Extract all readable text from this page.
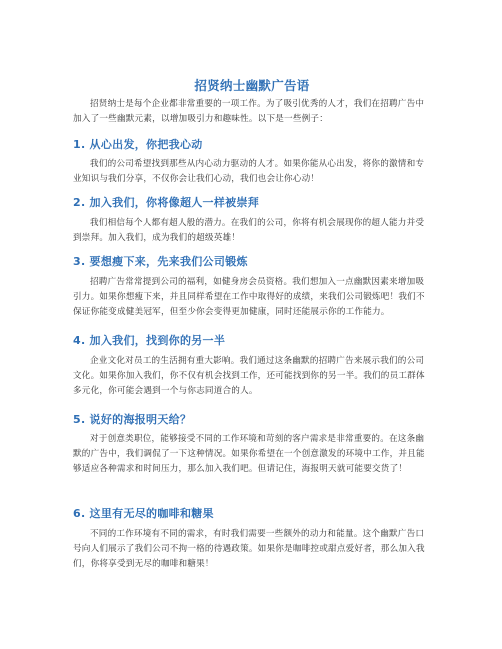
招贤纳士幽默广告语

招贤纳士是每个企业都非常重要的一项工作。为了吸引优秀的人才，我们在招聘广告中加入了一些幽默元素，以增加吸引力和趣味性。以下是一些例子：

1. 从心出发，你把我心动

我们的公司希望找到那些从内心动力驱动的人才。如果你能从心出发，将你的激情和专业知识与我们分享，不仅你会让我们心动，我们也会让你心动！

2. 加入我们，你将像超人一样被崇拜

我们相信每个人都有超人般的潜力。在我们的公司，你将有机会展现你的超人能力并受到崇拜。加入我们，成为我们的超级英雄！

3. 要想瘦下来，先来我们公司锻炼

招聘广告常常提到公司的福利，如健身房会员资格。我们想加入一点幽默因素来增加吸引力。如果你想瘦下来，并且同样希望在工作中取得好的成绩，来我们公司锻炼吧！我们不保证你能变成健美冠军，但至少你会变得更加健康，同时还能展示你的工作能力。

4. 加入我们，找到你的另一半

企业文化对员工的生活拥有重大影响。我们通过这条幽默的招聘广告来展示我们的公司文化。如果你加入我们，你不仅有机会找到工作，还可能找到你的另一半。我们的员工群体多元化，你可能会遇到一个与你志同道合的人。

5. 说好的海报明天给？

对于创意类职位，能够接受不同的工作环境和苛刻的客户需求是非常重要的。在这条幽默的广告中，我们调侃了一下这种情况。如果你希望在一个创意激发的环境中工作，并且能够适应各种需求和时间压力，那么加入我们吧。但请记住，海报明天就可能要交货了！

6. 这里有无尽的咖啡和糖果

不同的工作环境有不同的需求，有时我们需要一些额外的动力和能量。这个幽默广告口号向人们展示了我们公司不拘一格的待遇政策。如果你是咖啡控或甜点爱好者，那么加入我们，你将享受到无尽的咖啡和糖果！
